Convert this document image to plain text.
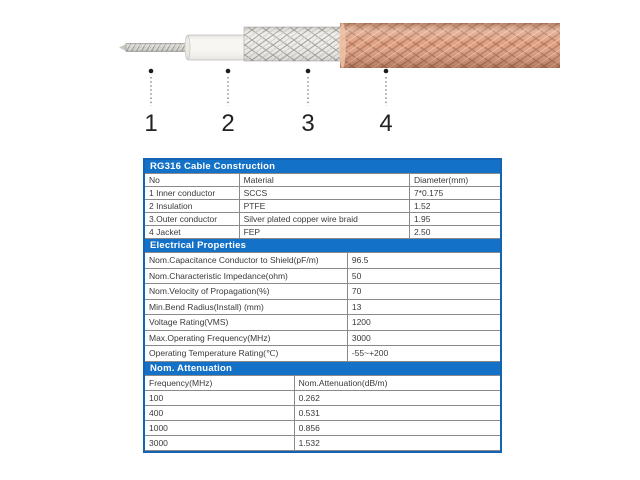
1	2	3	4
RG316 Cable Construction
No	Material	Diameter(mm)
1 Inner conductor	SCCS	7*0.175
2 Insulation	PTFE	1.52
3.Outer conductor	Silver plated copper wire braid	1.95
4 Jacket	FEP	2.50
Electrical Properties
Nom.Capacitance Conductor to Shield(pF/m)	96.5
Nom.Characteristic Impedance(ohm)	50
Nom.Velocity of Propagation(%)	70
Min.Bend Radius(Install) (mm)	13
Voltage Rating(VMS)	1200
Max.Operating Frequency(MHz)	3000
Operating Temperature Rating(℃)	-55~+200
Nom. Attenuation
Frequency(MHz)	Nom.Attenuation(dB/m)
100	0.262
400	0.531
1000	0.856
3000	1.532
